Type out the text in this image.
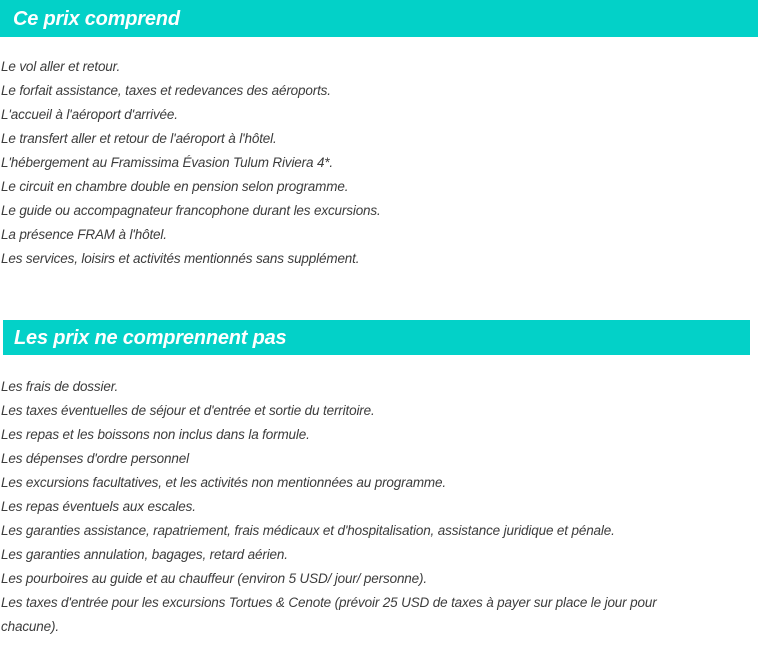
Ce prix comprend
Le vol aller et retour.
Le forfait assistance, taxes et redevances des aéroports.
L'accueil à l'aéroport d'arrivée.
Le transfert aller et retour de l'aéroport à l'hôtel.
L'hébergement au Framissima Évasion Tulum Riviera 4*.
Le circuit en chambre double en pension selon programme.
Le guide ou accompagnateur francophone durant les excursions.
La présence FRAM à l'hôtel.
Les services, loisirs et activités mentionnés sans supplément.
Les prix ne comprennent pas
Les frais de dossier.
Les taxes éventuelles de séjour et d'entrée et sortie du territoire.
Les repas et les boissons non inclus dans la formule.
Les dépenses d'ordre personnel
Les excursions facultatives, et les activités non mentionnées au programme.
Les repas éventuels aux escales.
Les garanties assistance, rapatriement, frais médicaux et d'hospitalisation, assistance juridique et pénale.
Les garanties annulation, bagages, retard aérien.
Les pourboires au guide et au chauffeur (environ 5 USD/ jour/ personne).
Les taxes d'entrée pour les excursions Tortues & Cenote (prévoir 25 USD de taxes à payer sur place le jour pour chacune).
